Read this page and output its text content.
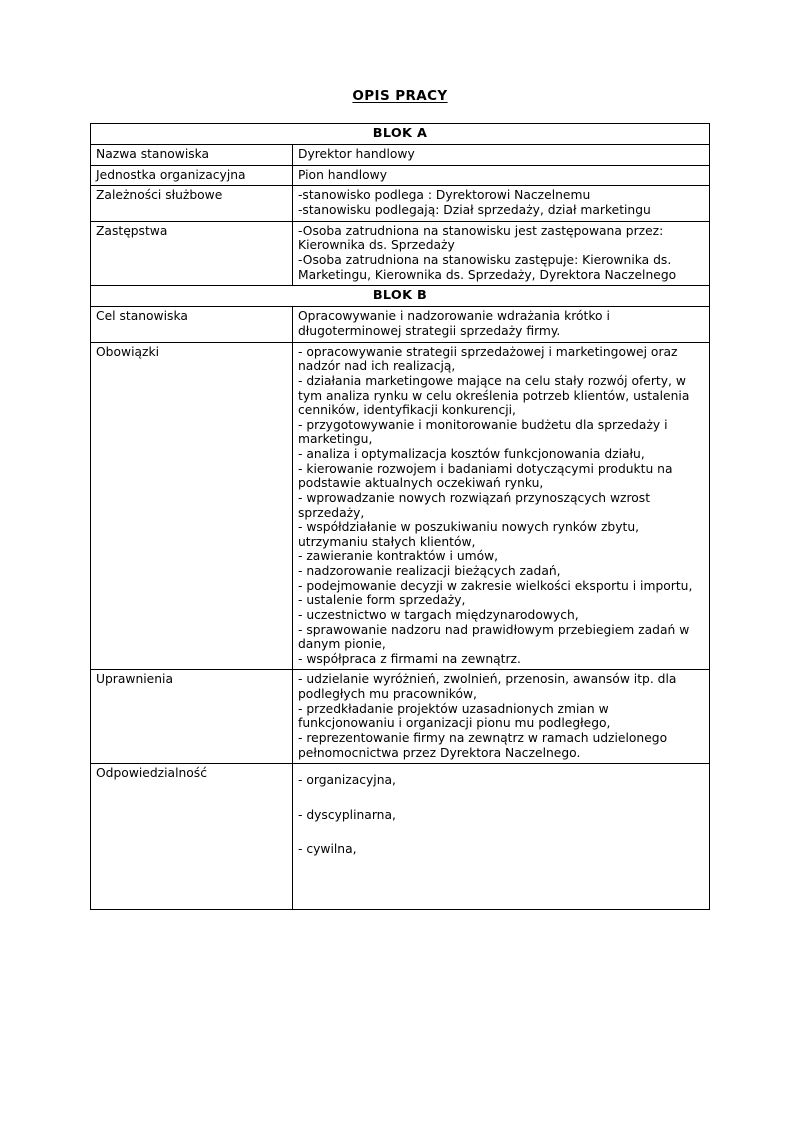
OPIS PRACY
BLOK A	
Nazwa stanowiska	Dyrektor handlowy
Jednostka organizacyjna	Pion handlowy
Zależności służbowe	-stanowisko podlega : Dyrektorowi Naczelnemu

-stanowisku podlegają: Dział sprzedaży, dział marketingu

Zastępstwa	-Osoba zatrudniona na stanowisku jest zastępowana przez: Kierownika ds. Sprzedaży

-Osoba zatrudniona na stanowisku zastępuje: Kierownika ds. Marketingu, Kierownika ds. Sprzedaży, Dyrektora Naczelnego

BLOK B	
Cel stanowiska	Opracowywanie i nadzorowanie wdrażania krótko i długoterminowej strategii sprzedaży firmy.

Obowiązki	- opracowywanie strategii sprzedażowej i marketingowej oraz nadzór nad ich realizacją,

- działania marketingowe mające na celu stały rozwój oferty, w tym analiza rynku w celu określenia potrzeb klientów, ustalenia cenników, identyfikacji konkurencji,

- przygotowywanie i monitorowanie budżetu dla sprzedaży i marketingu,

- analiza i optymalizacja kosztów funkcjonowania działu,

- kierowanie rozwojem i badaniami dotyczącymi produktu na podstawie aktualnych oczekiwań rynku,

- wprowadzanie nowych rozwiązań przynoszących wzrost sprzedaży,

- współdziałanie w poszukiwaniu nowych rynków zbytu, utrzymaniu stałych klientów,

- zawieranie kontraktów i umów,

- nadzorowanie realizacji bieżących zadań,

- podejmowanie decyzji w zakresie wielkości eksportu i importu,

- ustalenie form sprzedaży,

- uczestnictwo w targach międzynarodowych,

- sprawowanie nadzoru nad prawidłowym przebiegiem zadań w danym pionie,

- współpraca z firmami na zewnątrz.

Uprawnienia	- udzielanie wyróżnień, zwolnień, przenosin, awansów itp. dla podległych mu pracowników,

- przedkładanie projektów uzasadnionych zmian w funkcjonowaniu i organizacji pionu mu podległego,

- reprezentowanie firmy na zewnątrz w ramach udzielonego pełnomocnictwa przez Dyrektora Naczelnego.

Odpowiedzialność	- organizacyjna,

- dyscyplinarna,

- cywilna,
